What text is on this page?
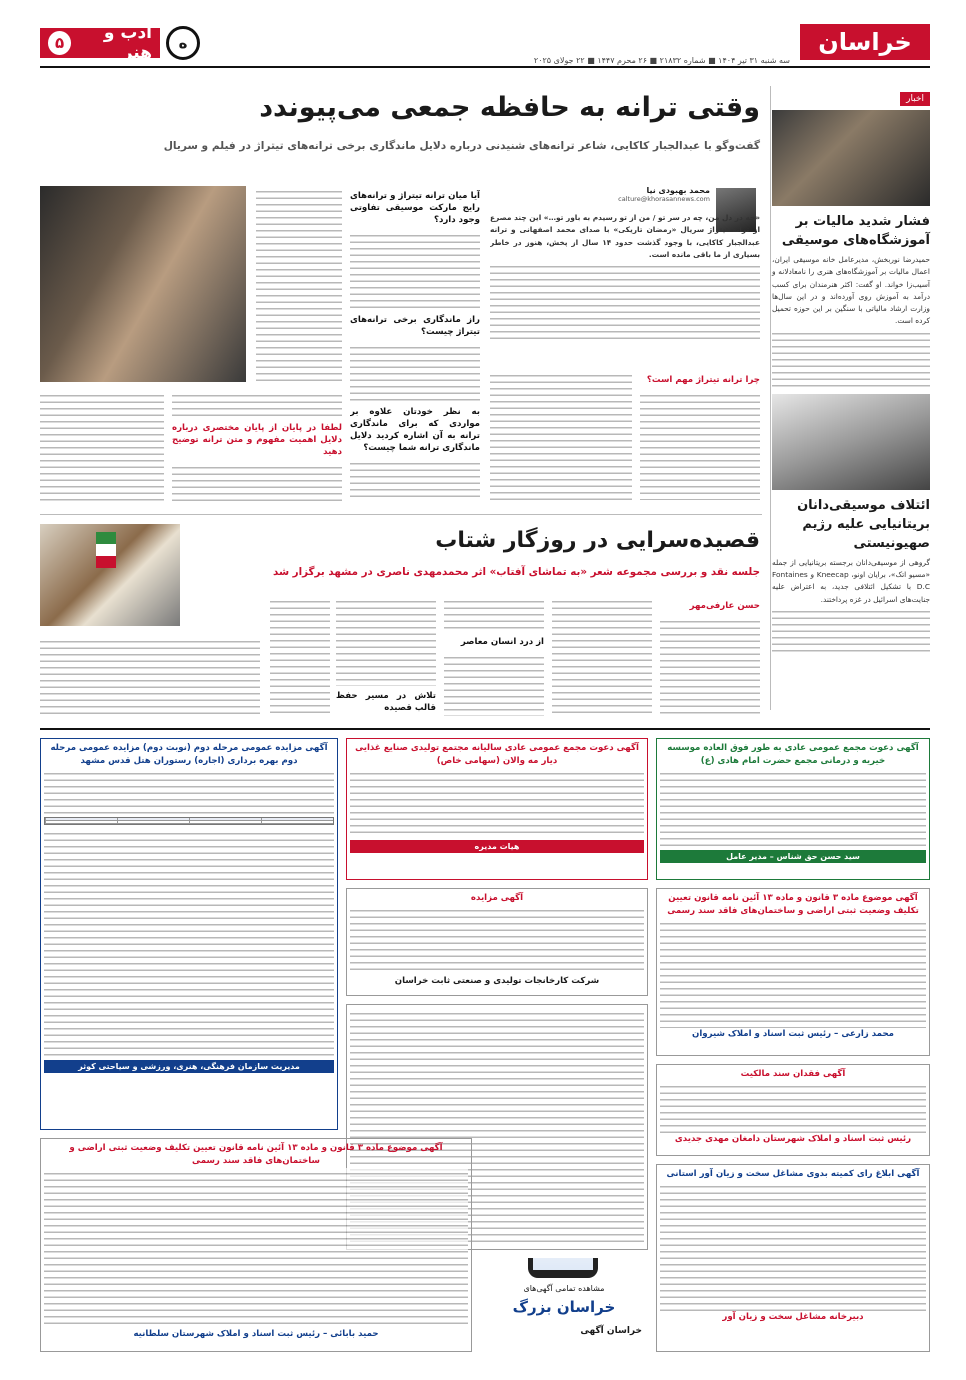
خراسان
سه شنبه ۳۱ تیر ۱۴۰۴ ■ شماره ۲۱۸۳۲ ■ ۲۶ محرم ۱۴۴۷ ■ ۲۲ جولای ۲۰۲۵
ه
ادب و هنر
۵
اخبار
فشار شدید مالیات بر آموزشگاه‌های موسیقی
حمیدرضا نوربخش، مدیرعامل خانه موسیقی ایران، اعمال مالیات بر آموزشگاه‌های هنری را نامعادلانه و آسیب‌زا خواند. او گفت: اکثر هنرمندان برای کسب درآمد به آموزش روی آورده‌اند و در این سال‌ها وزارت ارشاد مالیاتی با سنگین بر این حوزه تحمیل کرده است.
ائتلاف موسیقی‌دانان بریتانیایی علیه رژیم صهیونیستی
گروهی از موسیقی‌دانان برجسته بریتانیایی از جمله «مسیو اتک»، برایان اونو، Kneecap و Fontaines D.C با تشکیل ائتلافی جدید، به اعتراض علیه جنایت‌های اسرائیل در غزه پرداختند.
وقتی ترانه به حافظه جمعی می‌پیوندد
گفت‌وگو با عبدالجبار کاکایی، شاعر ترانه‌های شنیدنی درباره دلایل ماندگاری برخی ترانه‌های تیتراژ در فیلم و سریال
محمد بهبودی نیا
calture@khorasannews.com
«چه در دل من، چه در سر تو / من از تو رسیدم به باور تو…» این چند مصرع از ترانه تیتراژ سریال «رمضان تاریکی» با صدای محمد اصفهانی و ترانه عبدالجبار کاکایی، با وجود گذشت حدود ۱۴ سال از پخش، هنوز در خاطر بسیاری از ما باقی مانده است.
چرا ترانه تیتراژ مهم است؟
آیا میان ترانه تیتراژ و ترانه‌های رایج مارکت موسیقی تفاوتی وجود دارد؟
راز ماندگاری برخی ترانه‌های تیتراژ چیست؟
به نظر خودتان علاوه بر مواردی که برای ماندگاری ترانه به آن اشاره کردید دلایل ماندگاری ترانه شما چیست؟
لطفا در پایان از پایان مختصری درباره دلایل اهمیت مفهوم و متن ترانه توضیح دهید
قصیده‌سرایی در روزگار شتاب
جلسه نقد و بررسی مجموعه شعر «به تماشای آفتاب» اثر محمدمهدی ناصری در مشهد برگزار شد
حسن عارفی‌مهر
از درد انسان معاصر
تلاش در مسیر حفظ قالب قصیده
آگهی دعوت مجمع عمومی عادی به طور فوق العاده موسسه خیریه و درمانی مجمع حضرت امام هادی (ع)
سید حسن حق شناس – مدیر عامل
آگهی دعوت مجمع عمومی عادی سالیانه مجتمع تولیدی صنایع غذایی دیار مه والان (سهامی خاص)
هیات مدیره
آگهی مزایده عمومی مرحله دوم (نوبت دوم) مزایده عمومی مرحله دوم بهره برداری (اجاره) رستوران هتل قدس مشهد
مدیریت سازمان فرهنگی، هنری، ورزشی و سیاحتی کوثر
آگهی مزایده
شرکت کارخانجات تولیدی و صنعتی ثابت خراسان
آگهی موضوع ماده ۳ قانون و ماده ۱۳ آئین نامه قانون تعیین تکلیف وضعیت ثبتی اراضی و ساختمان‌های فاقد سند رسمی
محمد زارعی – رئیس ثبت اسناد و املاک شیروان
آگهی فقدان سند مالکیت
رئیس ثبت اسناد و املاک شهرستان دامغان مهدی جدیدی
آگهی ابلاغ رای کمیته بدوی مشاغل سخت و زیان آور استانی
دبیرخانه مشاغل سخت و زیان آور
آگهی موضوع ماده ۳ قانون و ماده ۱۳ آئین نامه قانون تعیین تکلیف وضعیت ثبتی اراضی و ساختمان‌های فاقد سند رسمی
حمید بابائی – رئیس ثبت اسناد و املاک شهرستان سلطانیه
مشاهده تمامی آگهی‌های
خراسان بزرگ
خراسان آگهی
